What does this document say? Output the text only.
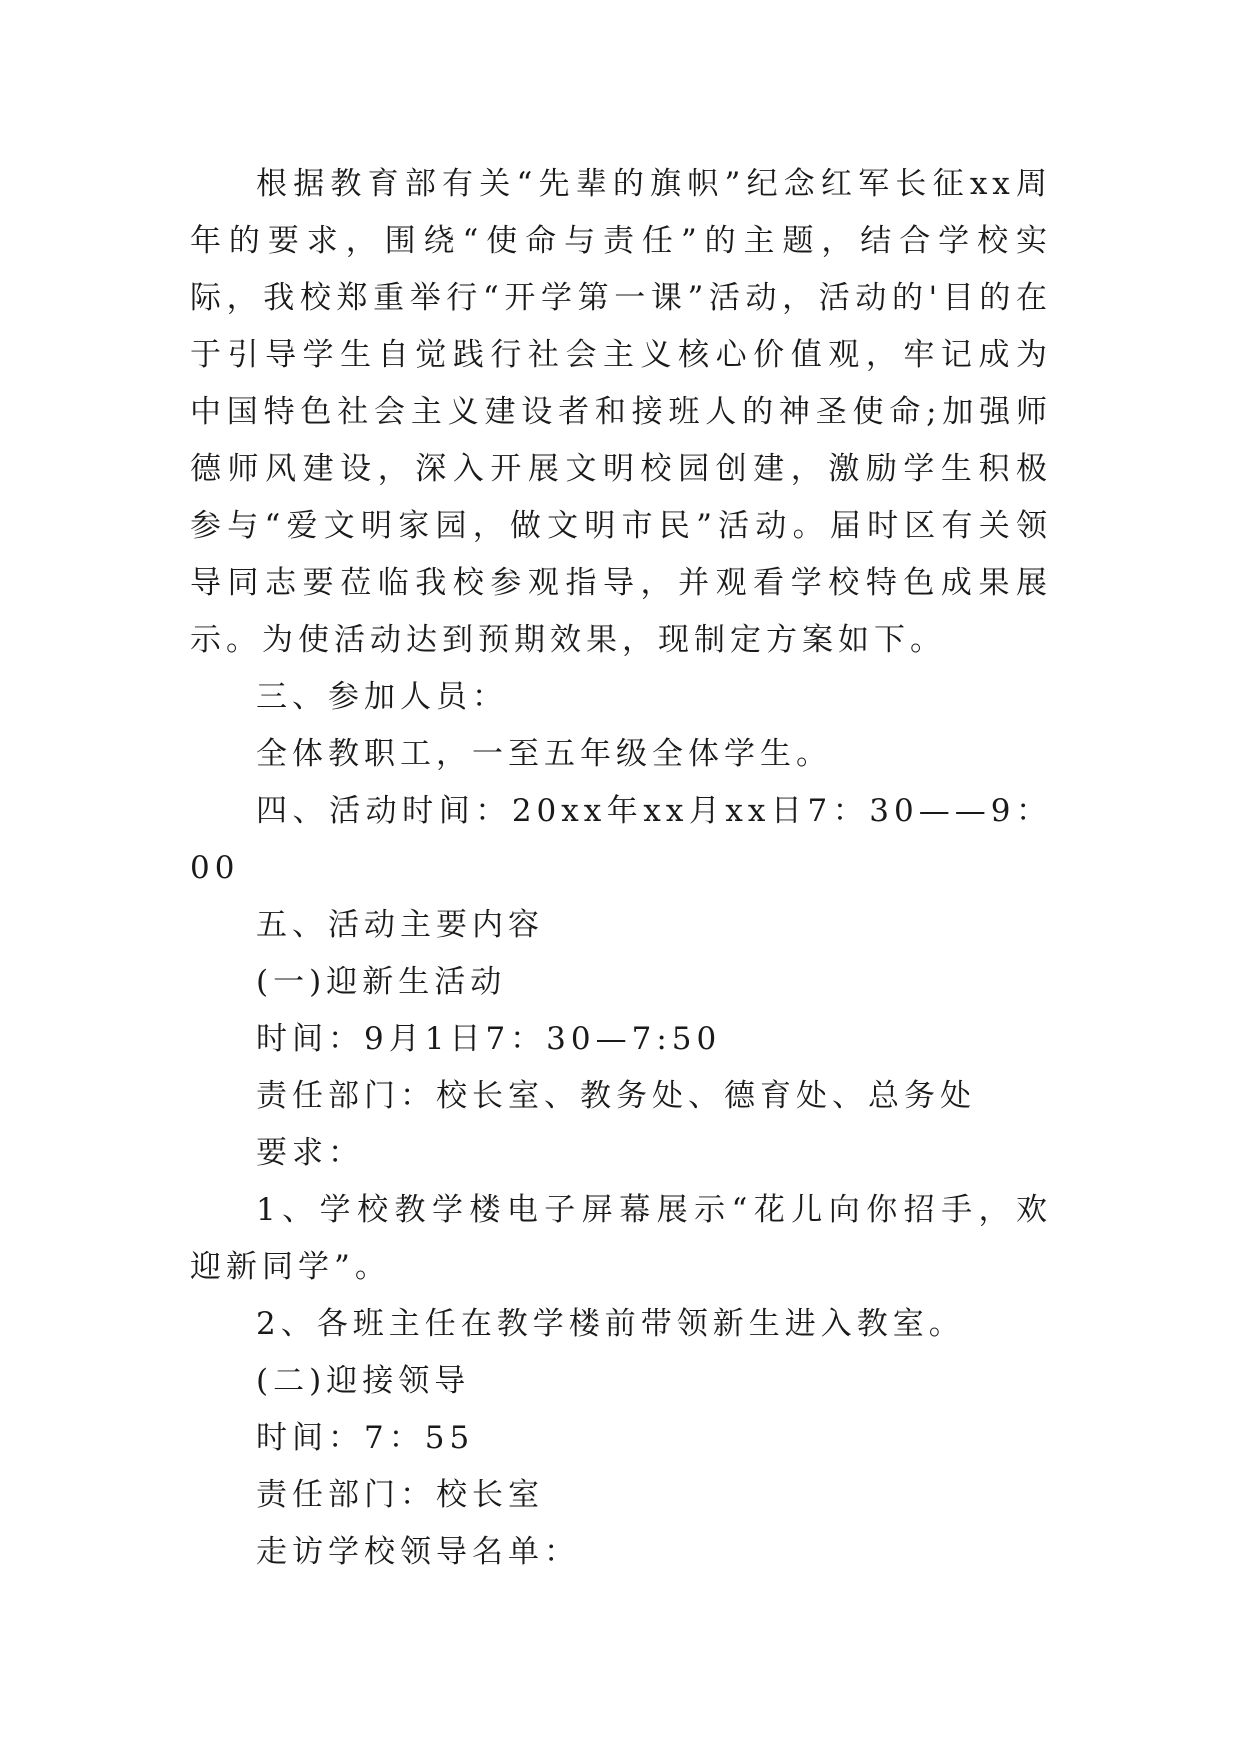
根据教育部有关“先辈的旗帜”纪念红军长征xx周年的要求，围绕“使命与责任”的主题，结合学校实际，我校郑重举行“开学第一课”活动，活动的'目的在于引导学生自觉践行社会主义核心价值观，牢记成为中国特色社会主义建设者和接班人的神圣使命;加强师德师风建设，深入开展文明校园创建，激励学生积极参与“爱文明家园，做文明市民”活动。届时区有关领导同志要莅临我校参观指导，并观看学校特色成果展示。为使活动达到预期效果，现制定方案如下。

三、参加人员：

全体教职工，一至五年级全体学生。

四、活动时间：20xx年xx月xx日7：30——9：00

五、活动主要内容

(一)迎新生活动

时间：9月1日7：30—7:50

责任部门：校长室、教务处、德育处、总务处

要求：

1、学校教学楼电子屏幕展示“花儿向你招手，欢迎新同学”。

2、各班主任在教学楼前带领新生进入教室。

(二)迎接领导

时间：7：55

责任部门：校长室

走访学校领导名单：
